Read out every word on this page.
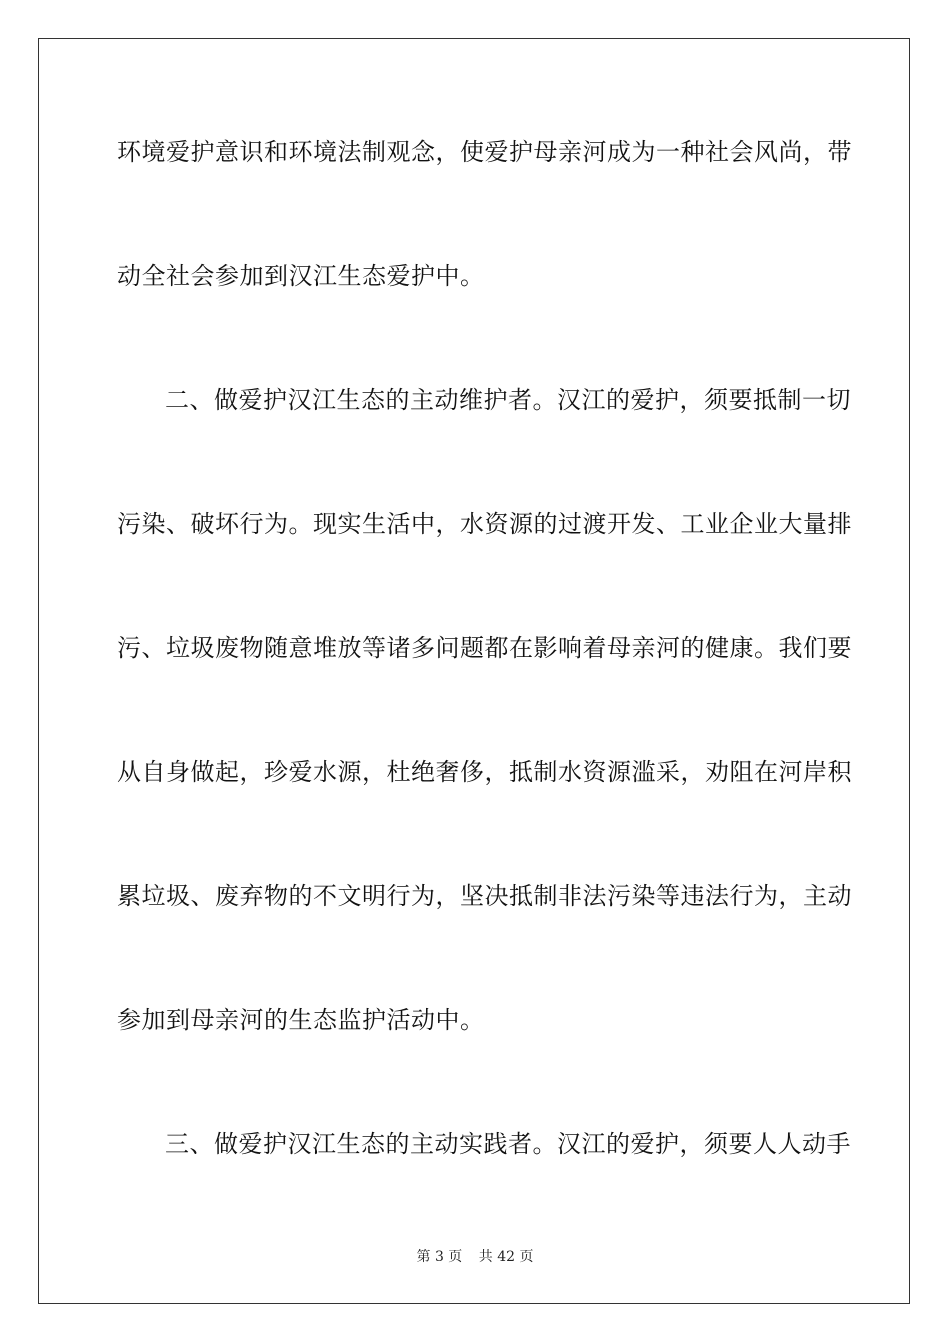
环境爱护意识和环境法制观念，使爱护母亲河成为一种社会风尚，带
动全社会参加到汉江生态爱护中。
二、做爱护汉江生态的主动维护者。汉江的爱护，须要抵制一切
污染、破坏行为。现实生活中，水资源的过渡开发、工业企业大量排
污、垃圾废物随意堆放等诸多问题都在影响着母亲河的健康。我们要
从自身做起，珍爱水源，杜绝奢侈，抵制水资源滥采，劝阻在河岸积
累垃圾、废弃物的不文明行为，坚决抵制非法污染等违法行为，主动
参加到母亲河的生态监护活动中。
三、做爱护汉江生态的主动实践者。汉江的爱护，须要人人动手
第 3 页 共 42 页
